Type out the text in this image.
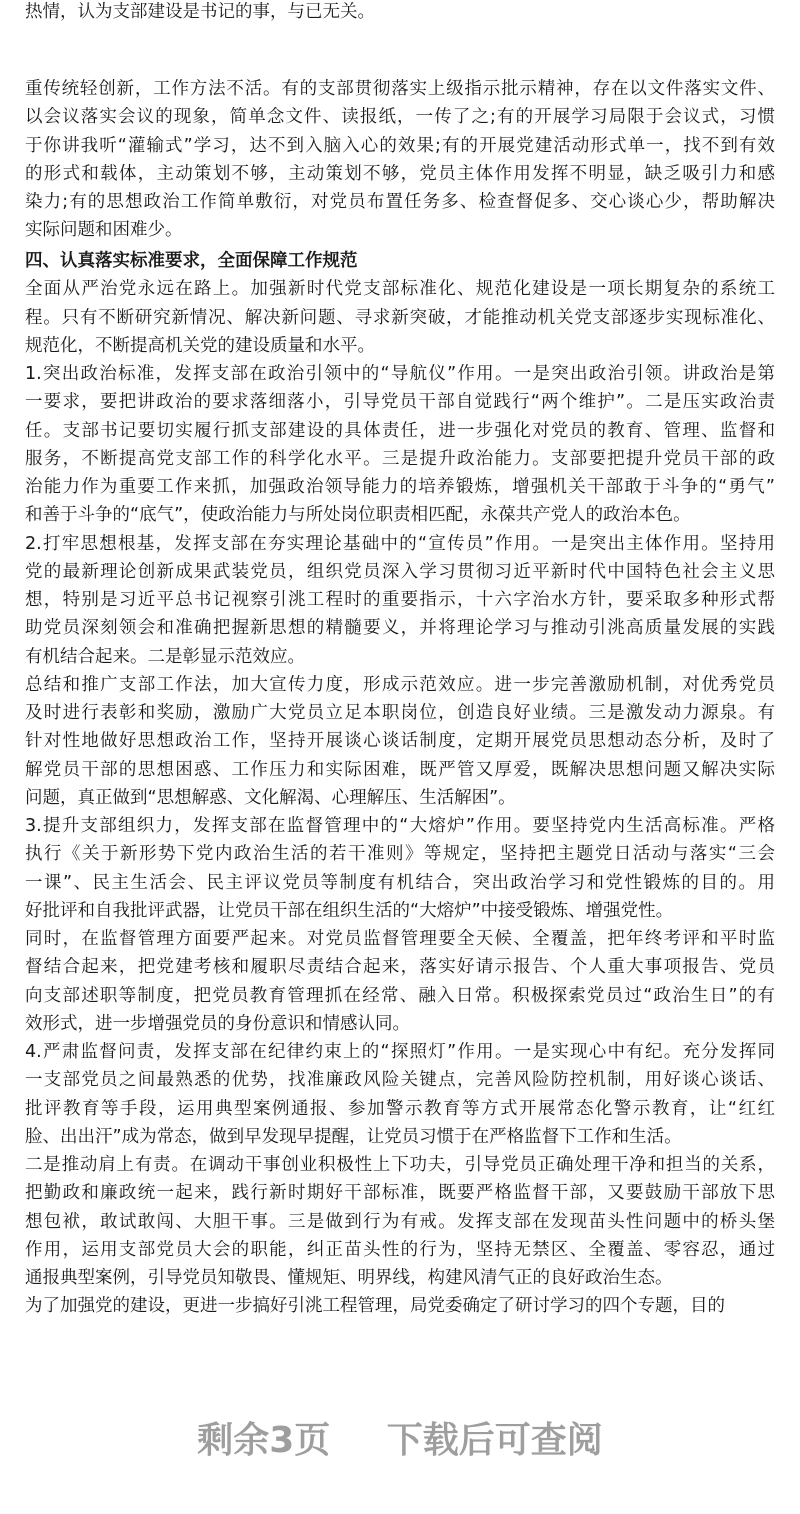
热情，认为支部建设是书记的事，与已无关。
重传统轻创新，工作方法不活。有的支部贯彻落实上级指示批示精神，存在以文件落实文件、
以会议落实会议的现象，简单念文件、读报纸，一传了之;有的开展学习局限于会议式，习惯
于你讲我听“灌输式”学习，达不到入脑入心的效果;有的开展党建活动形式单一，找不到有效
的形式和载体，主动策划不够，主动策划不够，党员主体作用发挥不明显，缺乏吸引力和感
染力;有的思想政治工作简单敷衍，对党员布置任务多、检查督促多、交心谈心少，帮助解决
实际问题和困难少。
四、认真落实标准要求，全面保障工作规范
全面从严治党永远在路上。加强新时代党支部标准化、规范化建设是一项长期复杂的系统工
程。只有不断研究新情况、解决新问题、寻求新突破，才能推动机关党支部逐步实现标准化、
规范化，不断提高机关党的建设质量和水平。
1.突出政治标准，发挥支部在政治引领中的“导航仪”作用。一是突出政治引领。讲政治是第
一要求，要把讲政治的要求落细落小，引导党员干部自觉践行“两个维护”。二是压实政治责
任。支部书记要切实履行抓支部建设的具体责任，进一步强化对党员的教育、管理、监督和
服务，不断提高党支部工作的科学化水平。三是提升政治能力。支部要把提升党员干部的政
治能力作为重要工作来抓，加强政治领导能力的培养锻炼，增强机关干部敢于斗争的“勇气”
和善于斗争的“底气”，使政治能力与所处岗位职责相匹配，永葆共产党人的政治本色。
2.打牢思想根基，发挥支部在夯实理论基础中的“宣传员”作用。一是突出主体作用。坚持用
党的最新理论创新成果武装党员，组织党员深入学习贯彻习近平新时代中国特色社会主义思
想，特别是习近平总书记视察引洮工程时的重要指示，十六字治水方针，要采取多种形式帮
助党员深刻领会和准确把握新思想的精髓要义，并将理论学习与推动引洮高质量发展的实践
有机结合起来。二是彰显示范效应。
总结和推广支部工作法，加大宣传力度，形成示范效应。进一步完善激励机制，对优秀党员
及时进行表彰和奖励，激励广大党员立足本职岗位，创造良好业绩。三是激发动力源泉。有
针对性地做好思想政治工作，坚持开展谈心谈话制度，定期开展党员思想动态分析，及时了
解党员干部的思想困惑、工作压力和实际困难，既严管又厚爱，既解决思想问题又解决实际
问题，真正做到“思想解惑、文化解渴、心理解压、生活解困”。
3.提升支部组织力，发挥支部在监督管理中的“大熔炉”作用。要坚持党内生活高标准。严格
执行《关于新形势下党内政治生活的若干准则》等规定，坚持把主题党日活动与落实“三会
一课”、民主生活会、民主评议党员等制度有机结合，突出政治学习和党性锻炼的目的。用
好批评和自我批评武器，让党员干部在组织生活的“大熔炉”中接受锻炼、增强党性。
同时，在监督管理方面要严起来。对党员监督管理要全天候、全覆盖，把年终考评和平时监
督结合起来，把党建考核和履职尽责结合起来，落实好请示报告、个人重大事项报告、党员
向支部述职等制度，把党员教育管理抓在经常、融入日常。积极探索党员过“政治生日”的有
效形式，进一步增强党员的身份意识和情感认同。
4.严肃监督问责，发挥支部在纪律约束上的“探照灯”作用。一是实现心中有纪。充分发挥同
一支部党员之间最熟悉的优势，找准廉政风险关键点，完善风险防控机制，用好谈心谈话、
批评教育等手段，运用典型案例通报、参加警示教育等方式开展常态化警示教育，让“红红
脸、出出汗”成为常态，做到早发现早提醒，让党员习惯于在严格监督下工作和生活。
二是推动肩上有责。在调动干事创业积极性上下功夫，引导党员正确处理干净和担当的关系，
把勤政和廉政统一起来，践行新时期好干部标准，既要严格监督干部，又要鼓励干部放下思
想包袱，敢试敢闯、大胆干事。三是做到行为有戒。发挥支部在发现苗头性问题中的桥头堡
作用，运用支部党员大会的职能，纠正苗头性的行为，坚持无禁区、全覆盖、零容忍，通过
通报典型案例，引导党员知敬畏、懂规矩、明界线，构建风清气正的良好政治生态。
为了加强党的建设，更进一步搞好引洮工程管理，局党委确定了研讨学习的四个专题，目的
剩余3页 下载后可查阅
